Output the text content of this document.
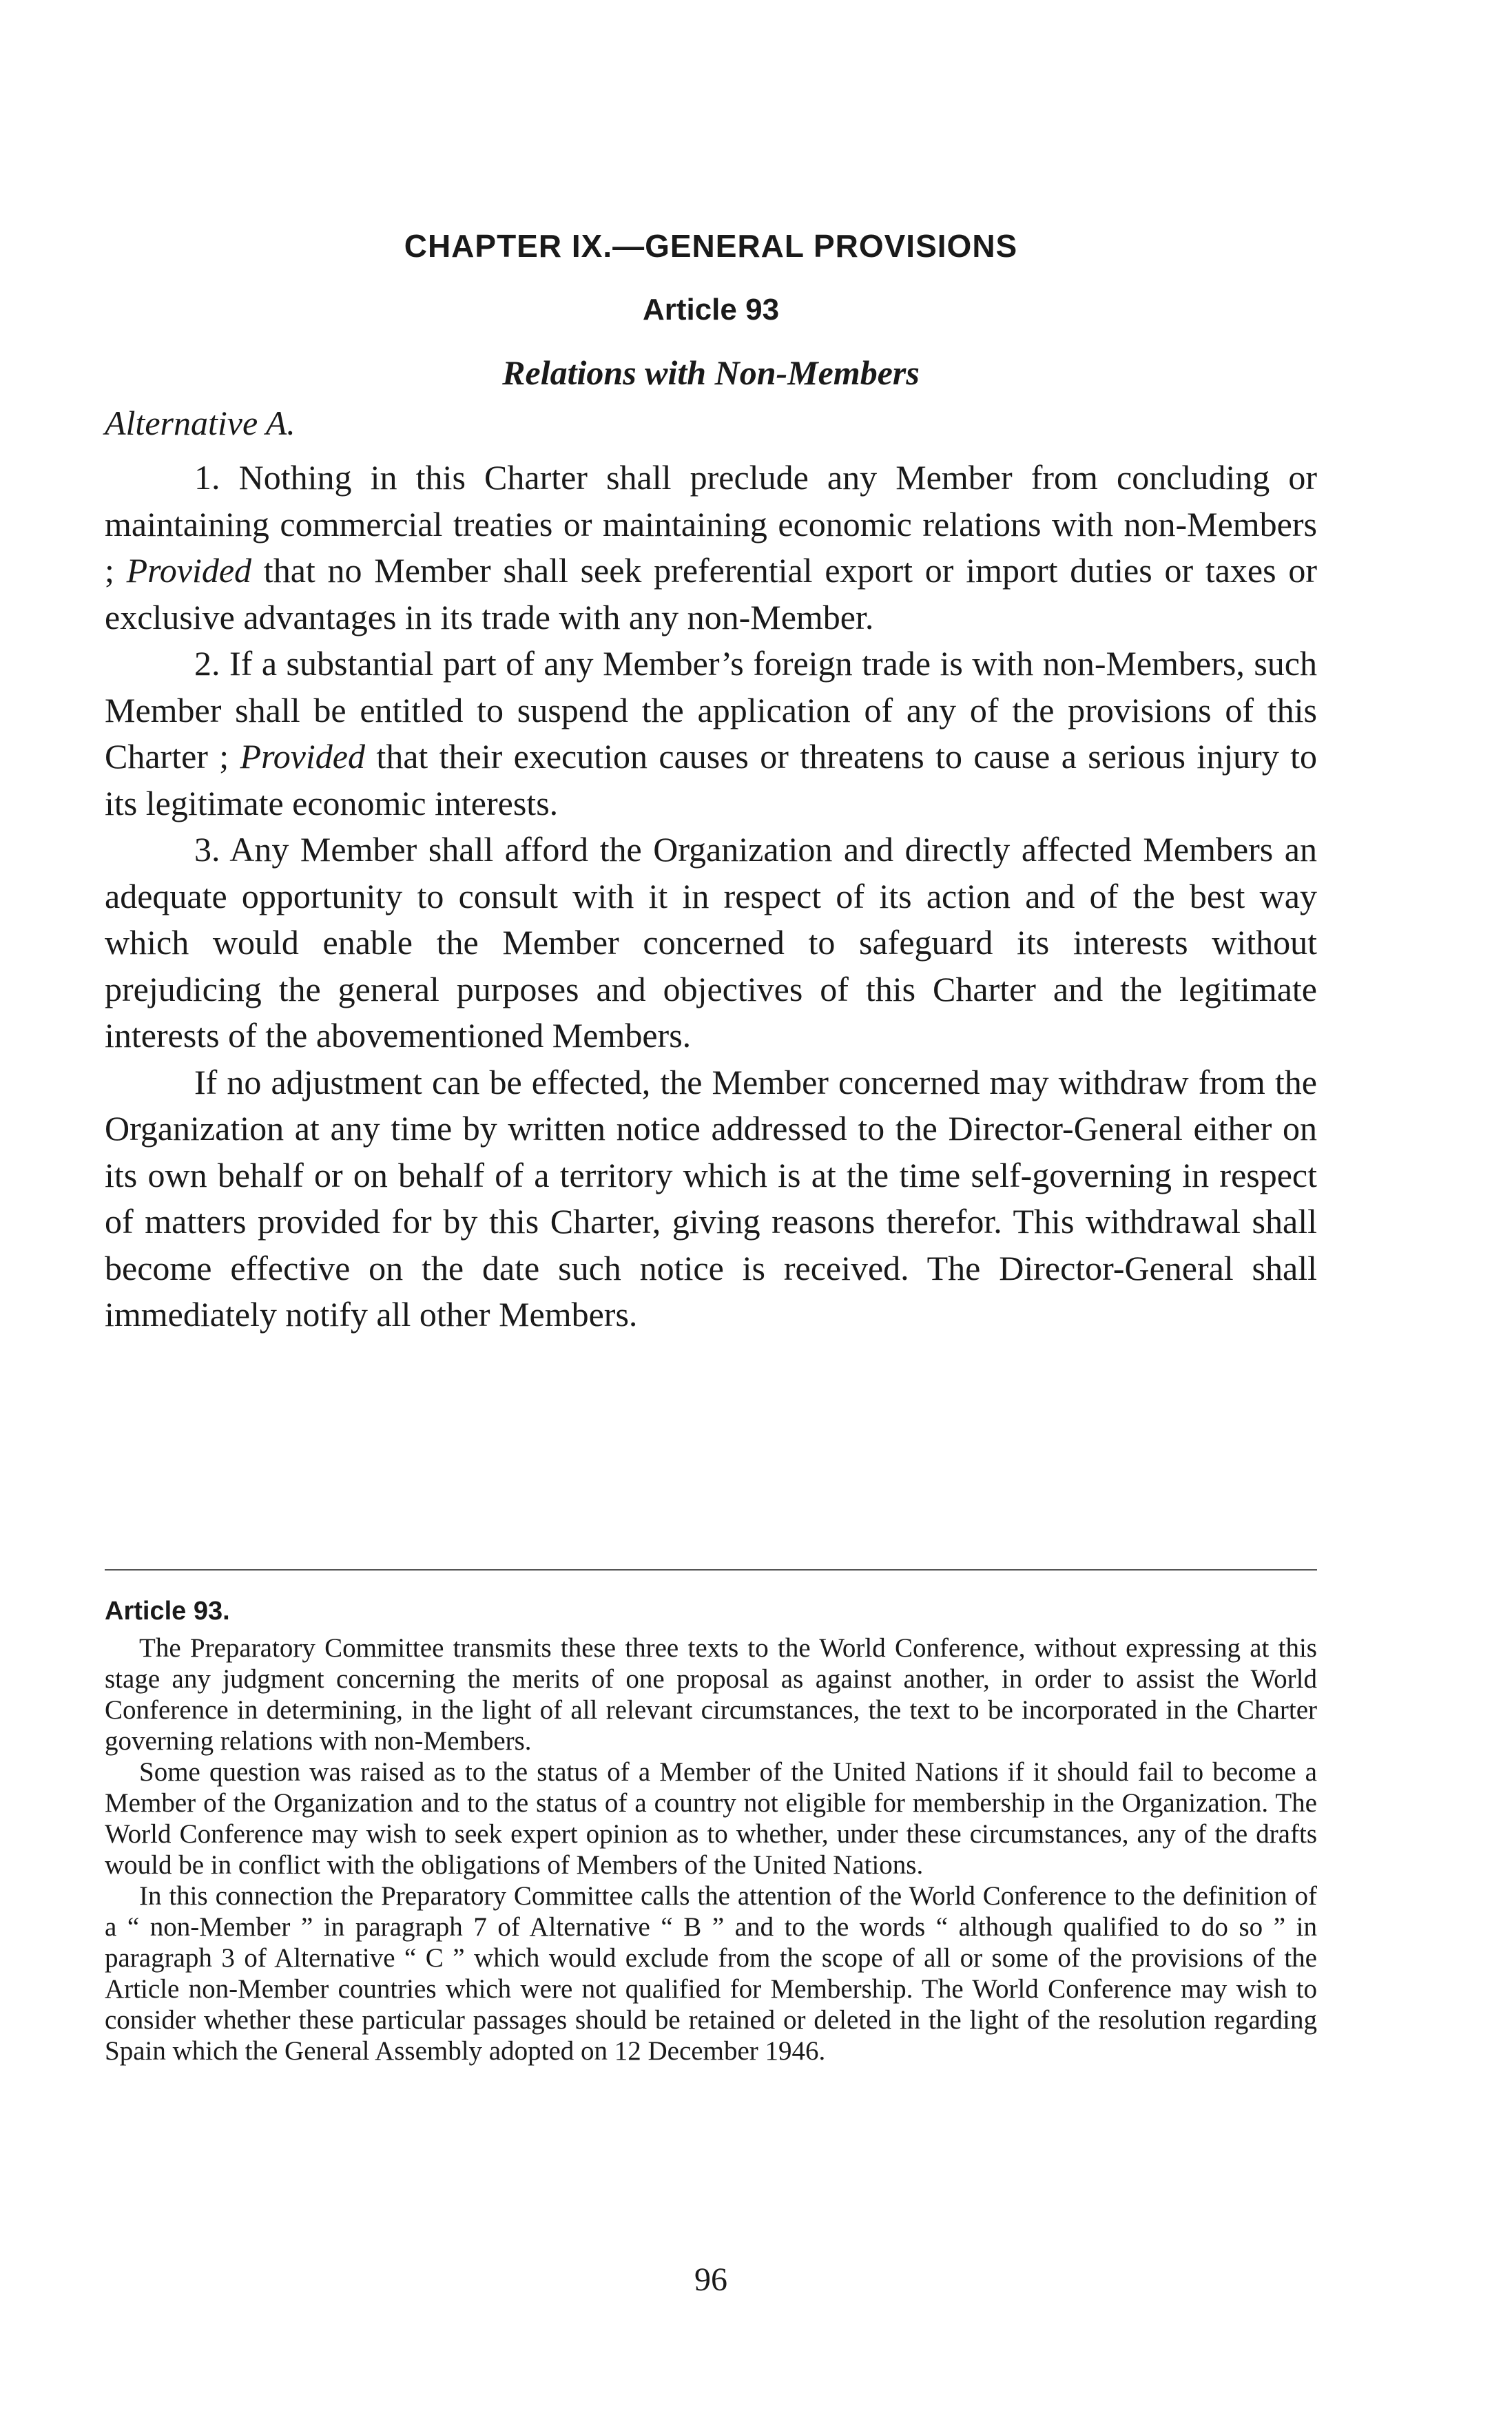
CHAPTER IX.—GENERAL PROVISIONS
Article 93
Relations with Non-Members
Alternative A.

1. Nothing in this Charter shall preclude any Member from concluding or maintaining commercial treaties or maintaining economic relations with non-Members ; Provided that no Member shall seek preferential export or import duties or taxes or exclusive advantages in its trade with any non-Member.

2. If a substantial part of any Member’s foreign trade is with non-Members, such Member shall be entitled to suspend the application of any of the provisions of this Charter ; Provided that their execution causes or threatens to cause a serious injury to its legitimate economic interests.

3. Any Member shall afford the Organization and directly affected Members an adequate opportunity to consult with it in respect of its action and of the best way which would enable the Member concerned to safeguard its interests without prejudicing the general purposes and objectives of this Charter and the legitimate interests of the abovementioned Members.

If no adjustment can be effected, the Member concerned may withdraw from the Organization at any time by written notice addressed to the Director-General either on its own behalf or on behalf of a territory which is at the time self-governing in respect of matters provided for by this Charter, giving reasons therefor. This withdrawal shall become effective on the date such notice is received. The Director-General shall immediately notify all other Members.

Article 93.

The Preparatory Committee transmits these three texts to the World Conference, without expressing at this stage any judgment concerning the merits of one proposal as against another, in order to assist the World Conference in determining, in the light of all relevant circumstances, the text to be incorporated in the Charter governing relations with non-Members.

Some question was raised as to the status of a Member of the United Nations if it should fail to become a Member of the Organization and to the status of a country not eligible for membership in the Organization. The World Conference may wish to seek expert opinion as to whether, under these circumstances, any of the drafts would be in conflict with the obligations of Members of the United Nations.

In this connection the Preparatory Committee calls the attention of the World Conference to the definition of a “ non-Member ” in paragraph 7 of Alternative “ B ” and to the words “ although qualified to do so ” in paragraph 3 of Alternative “ C ” which would exclude from the scope of all or some of the provisions of the Article non-Member countries which were not qualified for Membership. The World Conference may wish to consider whether these particular passages should be retained or deleted in the light of the resolution regarding Spain which the General Assembly adopted on 12 December 1946.

96
